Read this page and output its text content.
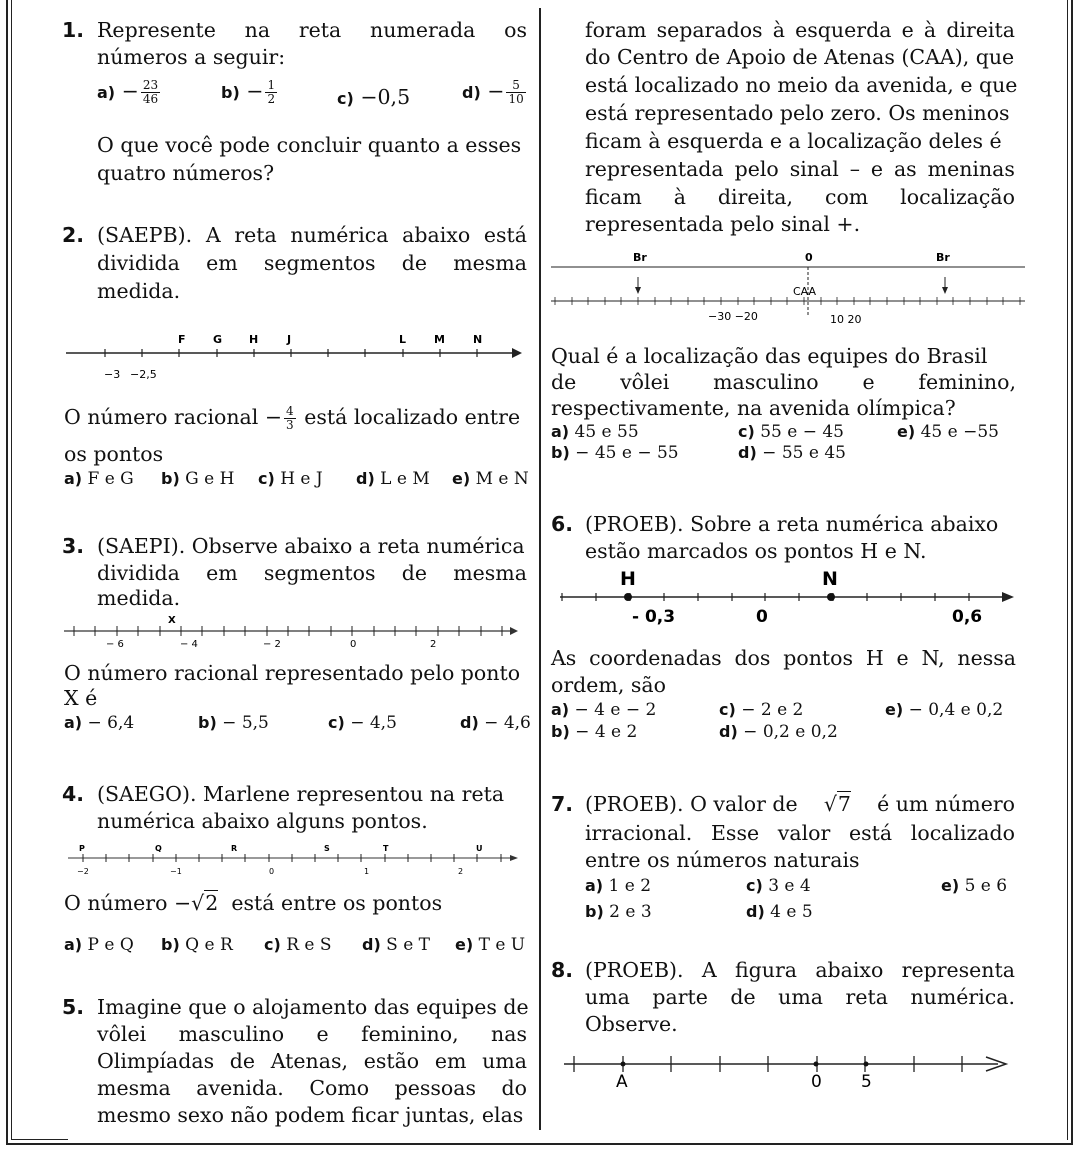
1. Represente na reta numerada os
números a seguir:
$a) - \frac{23}{46}$	$b) - \frac{1}{2}$	c) −0,5	$d) - \frac{5}{10}$
O que você pode concluir quanto a esses
quatro números?
2. (SAEPB). A reta numérica abaixo está
dividida em segmentos de mesma
medida.
−3 −2,5
F G H	J	L	M	N
O número racional − $\frac{4}{3}$ está localizado entre
os pontos
a) F e G b) G e H c) H e J d) L e M e) M e N
3. (SAEPI). Observe abaixo a reta numérica
dividida em segmentos de mesma
medida.
X
− 6	− 4	− 2	0	2
O número racional representado pelo ponto
X é
a) − 6,4	b) − 5,5	c) − 4,5	d) − 4,6
4. (SAEGO). Marlene representou na reta
numérica abaixo alguns pontos.
P	Q	R	S	T	U
−2	−1	0	1	2
O número −√2 está entre os pontos
a) P e Q b) Q e R c) R e S d) S e T e) T e U
5. Imagine que o alojamento das equipes de
vôlei masculino e feminino, nas
Olimpíadas de Atenas, estão em uma
mesma avenida. Como pessoas do
mesmo sexo não podem ficar juntas, elas
foram separados à esquerda e à direita
do Centro de Apoio de Atenas (CAA), que
está localizado no meio da avenida, e que
está representado pelo zero. Os meninos
ficam à esquerda e a localização deles é
representada pelo sinal – e as meninas
ficam à direita, com localização
representada pelo sinal +.
Br	0	Br
CAA
−30 −20	10 20
Qual é a localização das equipes do Brasil
de vôlei masculino e feminino,
respectivamente, na avenida olímpica?
a) 45 e 55
b) − 45 e − 55
c) 55 e − 45
d) − 55 e 45
e) 45 e −55
6. (PROEB). Sobre a reta numérica abaixo
estão marcados os pontos H e N.
H	N
- 0,3	0	0,6
As coordenadas dos pontos H e N, nessa
ordem, são
a) − 4 e − 2
b) − 4 e 2
c) − 2 e 2
d) − 0,2 e 0,2
e) − 0,4 e 0,2
7. (PROEB). O valor de √7 é um número
irracional. Esse valor está localizado
entre os números naturais
a) 1 e 2
b) 2 e 3
c) 3 e 4
d) 4 e 5
e) 5 e 6
8. (PROEB). A figura abaixo representa
uma parte de uma reta numérica.
Observe.
A	0 5
